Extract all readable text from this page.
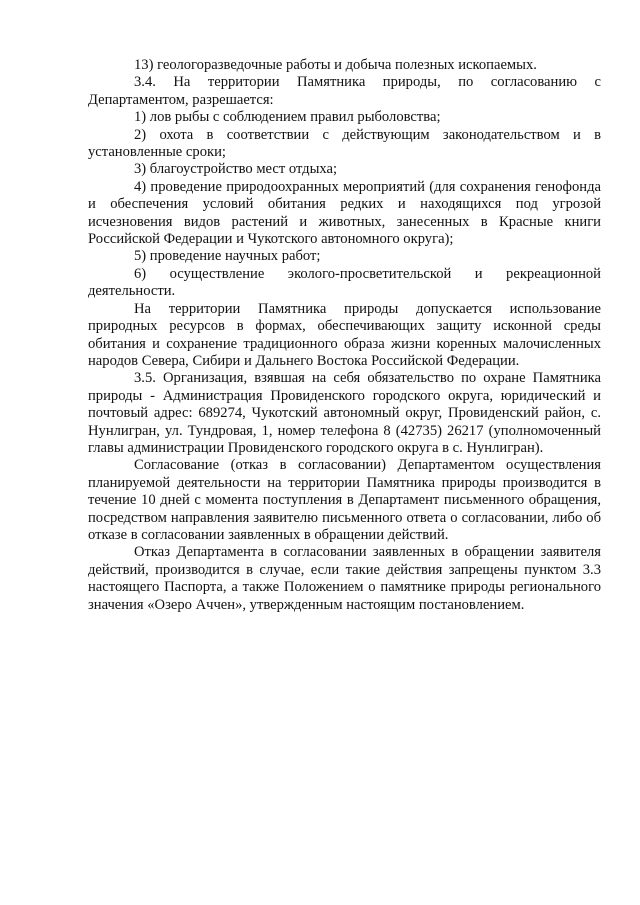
13) геологоразведочные работы и добыча полезных ископаемых.

3.4. На территории Памятника природы, по согласованию с Департаментом, разрешается:

1) лов рыбы с соблюдением правил рыболовства;

2) охота в соответствии с действующим законодательством и в установленные сроки;

3) благоустройство мест отдыха;

4) проведение природоохранных мероприятий (для сохранения генофонда и обеспечения условий обитания редких и находящихся под угрозой исчезновения видов растений и животных, занесенных в Красные книги Российской Федерации и Чукотского автономного округа);

5) проведение научных работ;

6) осуществление эколого-просветительской и рекреационной деятельности.

На территории Памятника природы допускается использование природных ресурсов в формах, обеспечивающих защиту исконной среды обитания и сохранение традиционного образа жизни коренных малочисленных народов Севера, Сибири и Дальнего Востока Российской Федерации.

3.5. Организация, взявшая на себя обязательство по охране Памятника природы - Администрация Провиденского городского округа, юридический и почтовый адрес: 689274, Чукотский автономный округ, Провиденский район, с. Нунлигран, ул. Тундровая, 1, номер телефона 8 (42735) 26217 (уполномоченный главы администрации Провиденского городского округа в с. Нунлигран).

Согласование (отказ в согласовании) Департаментом осуществления планируемой деятельности на территории Памятника природы производится в течение 10 дней с момента поступления в Департамент письменного обращения, посредством направления заявителю письменного ответа о согласовании, либо об отказе в согласовании заявленных в обращении действий.

Отказ Департамента в согласовании заявленных в обращении заявителя действий, производится в случае, если такие действия запрещены пунктом 3.3 настоящего Паспорта, а также Положением о памятнике природы регионального значения «Озеро Аччен», утвержденным настоящим постановлением.
